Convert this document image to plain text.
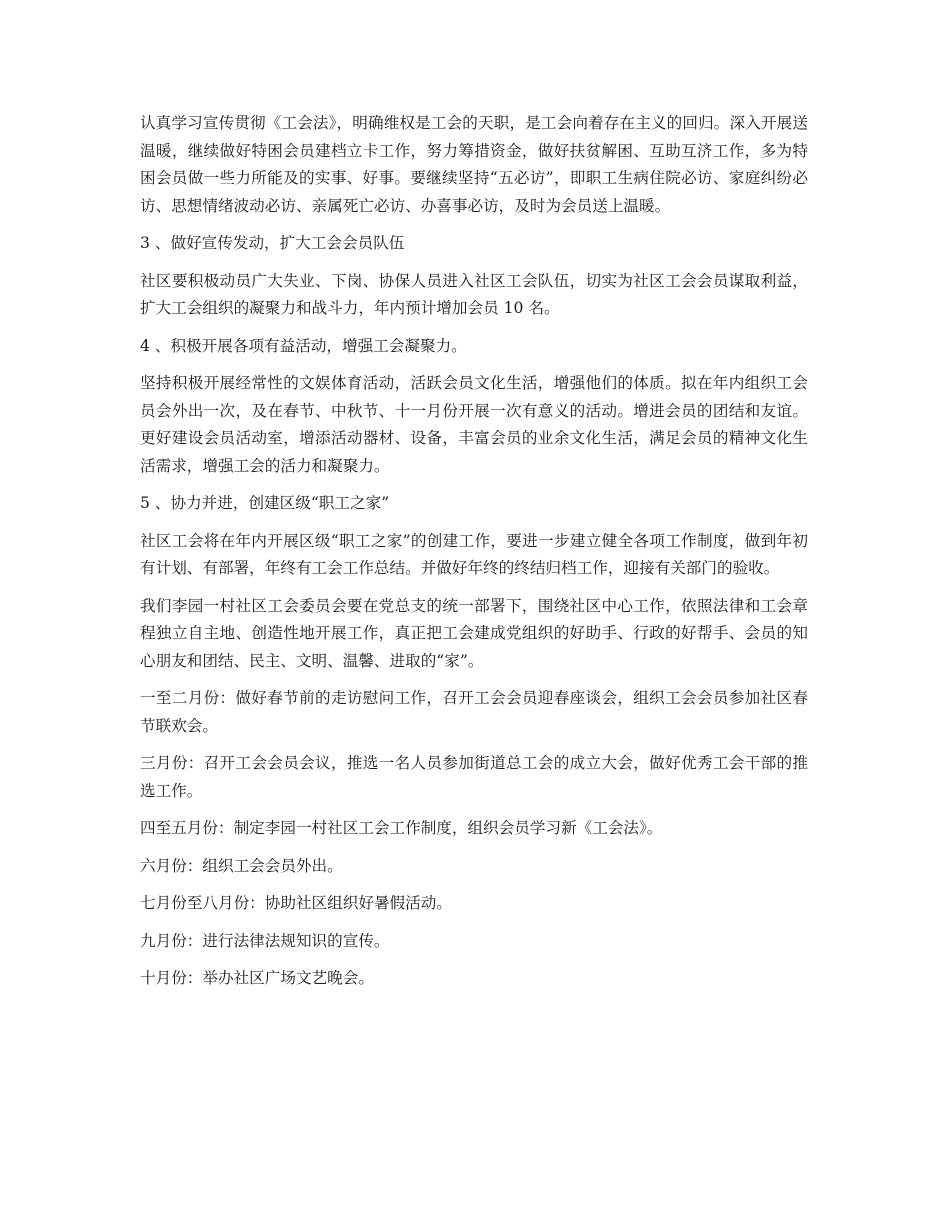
认真学习宣传贯彻《工会法》，明确维权是工会的天职，是工会向着存在主义的回归。深入开展送温暖，继续做好特困会员建档立卡工作，努力筹措资金，做好扶贫解困、互助互济工作，多为特困会员做一些力所能及的实事、好事。要继续坚持“五必访”，即职工生病住院必访、家庭纠纷必访、思想情绪波动必访、亲属死亡必访、办喜事必访，及时为会员送上温暖。

3 、做好宣传发动，扩大工会会员队伍

社区要积极动员广大失业、下岗、协保人员进入社区工会队伍，切实为社区工会会员谋取利益，扩大工会组织的凝聚力和战斗力，年内预计增加会员 10 名。

4 、积极开展各项有益活动，增强工会凝聚力。

坚持积极开展经常性的文娱体育活动，活跃会员文化生活，增强他们的体质。拟在年内组织工会员会外出一次，及在春节、中秋节、十一月份开展一次有意义的活动。增进会员的团结和友谊。更好建设会员活动室，增添活动器材、设备，丰富会员的业余文化生活，满足会员的精神文化生活需求，增强工会的活力和凝聚力。

5 、协力并进，创建区级“职工之家”

社区工会将在年内开展区级“职工之家”的创建工作，要进一步建立健全各项工作制度，做到年初有计划、有部署，年终有工会工作总结。并做好年终的终结归档工作，迎接有关部门的验收。

我们李园一村社区工会委员会要在党总支的统一部署下，围绕社区中心工作，依照法律和工会章程独立自主地、创造性地开展工作，真正把工会建成党组织的好助手、行政的好帮手、会员的知心朋友和团结、民主、文明、温馨、进取的“家”。

一至二月份：做好春节前的走访慰问工作，召开工会会员迎春座谈会，组织工会会员参加社区春节联欢会。

三月份：召开工会会员会议，推选一名人员参加街道总工会的成立大会，做好优秀工会干部的推选工作。

四至五月份：制定李园一村社区工会工作制度，组织会员学习新《工会法》。

六月份：组织工会会员外出。

七月份至八月份：协助社区组织好暑假活动。

九月份：进行法律法规知识的宣传。

十月份：举办社区广场文艺晚会。
